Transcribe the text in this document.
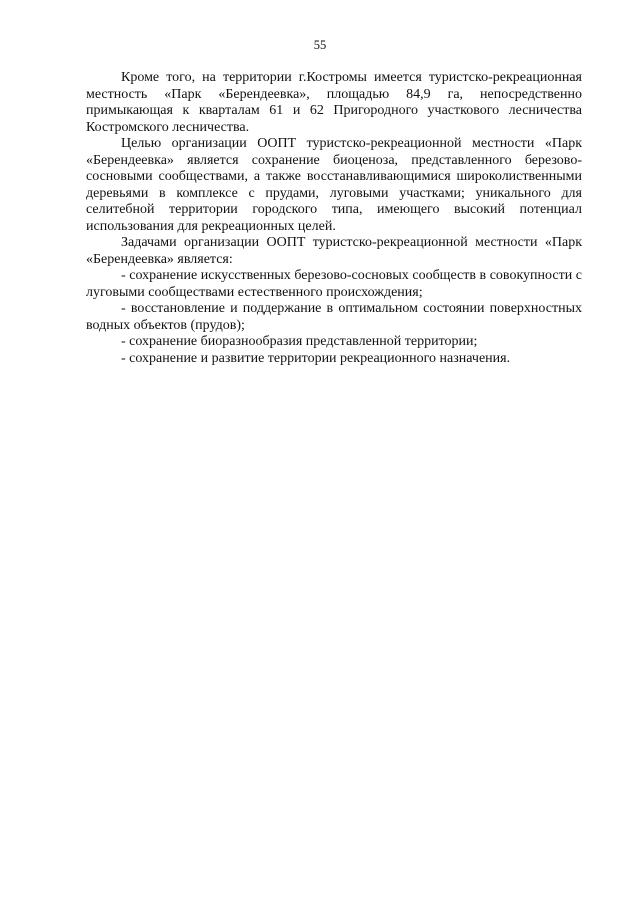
55

Кроме того, на территории г.Костромы имеется туристско-рекреационная местность «Парк «Берендеевка», площадью 84,9 га, непосредственно примыкающая к кварталам 61 и 62 Пригородного участкового лесничества Костромского лесничества.

Целью организации ООПТ туристско-рекреационной местности «Парк «Берендеевка» является сохранение биоценоза, представленного березово-сосновыми сообществами, а также восстанавливающимися широколиственными деревьями в комплексе с прудами, луговыми участками; уникального для селитебной территории городского типа, имеющего высокий потенциал использования для рекреационных целей.

Задачами организации ООПТ туристско-рекреационной местности «Парк «Берендеевка» является:

- сохранение искусственных березово-сосновых сообществ в совокупности с луговыми сообществами естественного происхождения;

- восстановление и поддержание в оптимальном состоянии поверхностных водных объектов (прудов);

- сохранение биоразнообразия представленной территории;

- сохранение и развитие территории рекреационного назначения.
